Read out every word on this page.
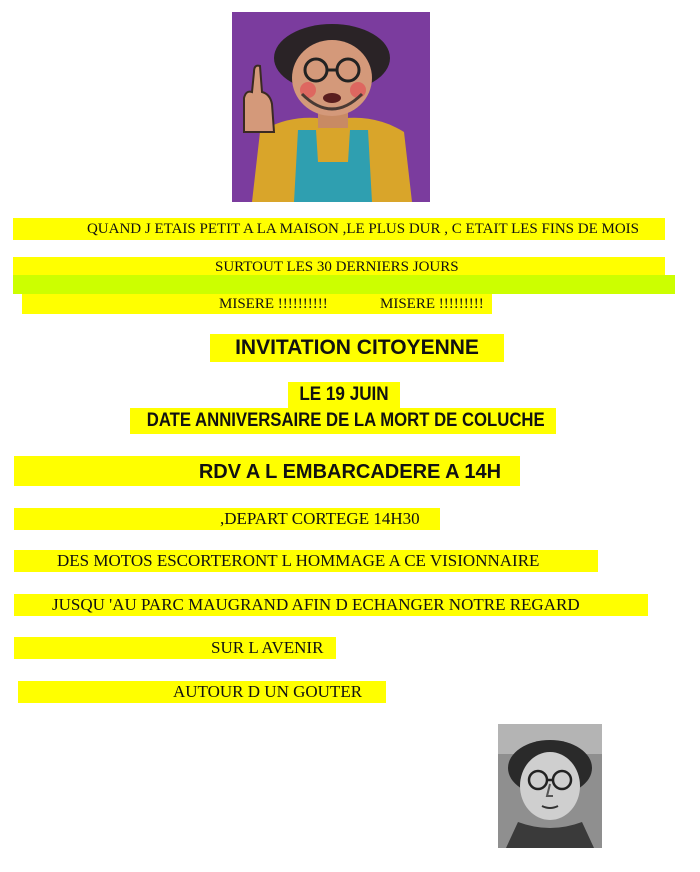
QUAND J ETAIS PETIT A LA MAISON ,LE PLUS DUR , C ETAIT LES FINS DE MOIS
SURTOUT LES 30 DERNIERS JOURS
MISERE !!!!!!!!!!	MISERE !!!!!!!!!
INVITATION CITOYENNE
LE 19 JUIN
DATE ANNIVERSAIRE DE LA MORT DE COLUCHE
RDV A L EMBARCADERE A 14H
,DEPART CORTEGE 14H30
DES MOTOS ESCORTERONT L HOMMAGE A CE VISIONNAIRE
JUSQU 'AU PARC MAUGRAND AFIN D ECHANGER NOTRE REGARD
SUR L AVENIR
AUTOUR D UN GOUTER
